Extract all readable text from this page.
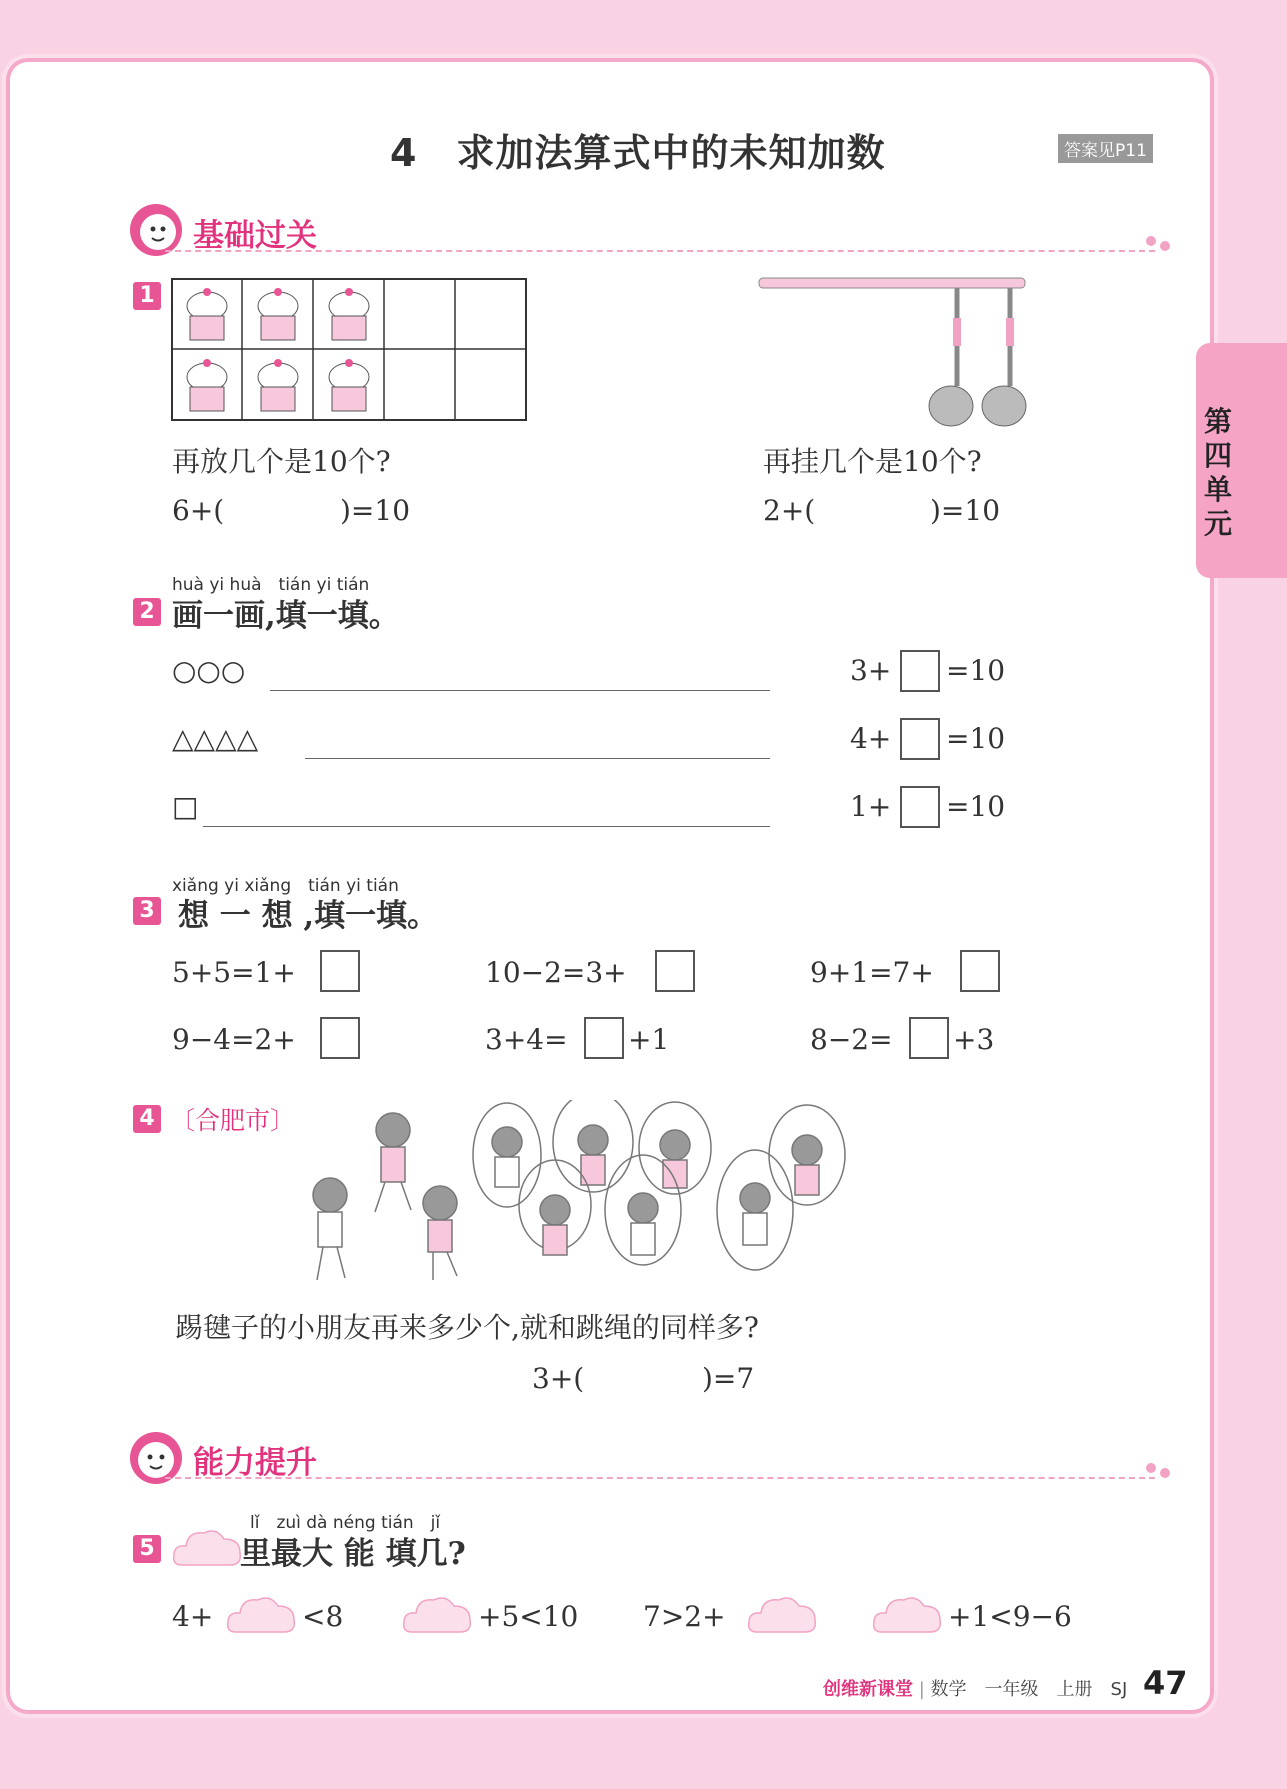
第四单元
4　求加法算式中的未知加数	答案见P11
基础过关
1
再放几个是10个?
6+(	)=10
再挂几个是10个?
2+(	)=10
huà yi huà　tián yi tián
2 画一画,填一填。
○○○	3+ =10
△△△△	4+ =10
□	1+ =10
xiǎng yi xiǎng　tián yi tián
3 想 一 想 ,填一填。
5+5=1+	10−2=3+	9+1=7+
9−4=2+	3+4= +1	8−2= +3
4 〔合肥市〕
踢毽子的小朋友再来多少个,就和跳绳的同样多?
3+(	)=7
能力提升
lǐ　zuì dà néng tián　jǐ
5	里最大 能 填几?
4+	<8	+5<10 7>2+	+1<9−6
创维新课堂 | 数学　一年级　上册　SJ 47
